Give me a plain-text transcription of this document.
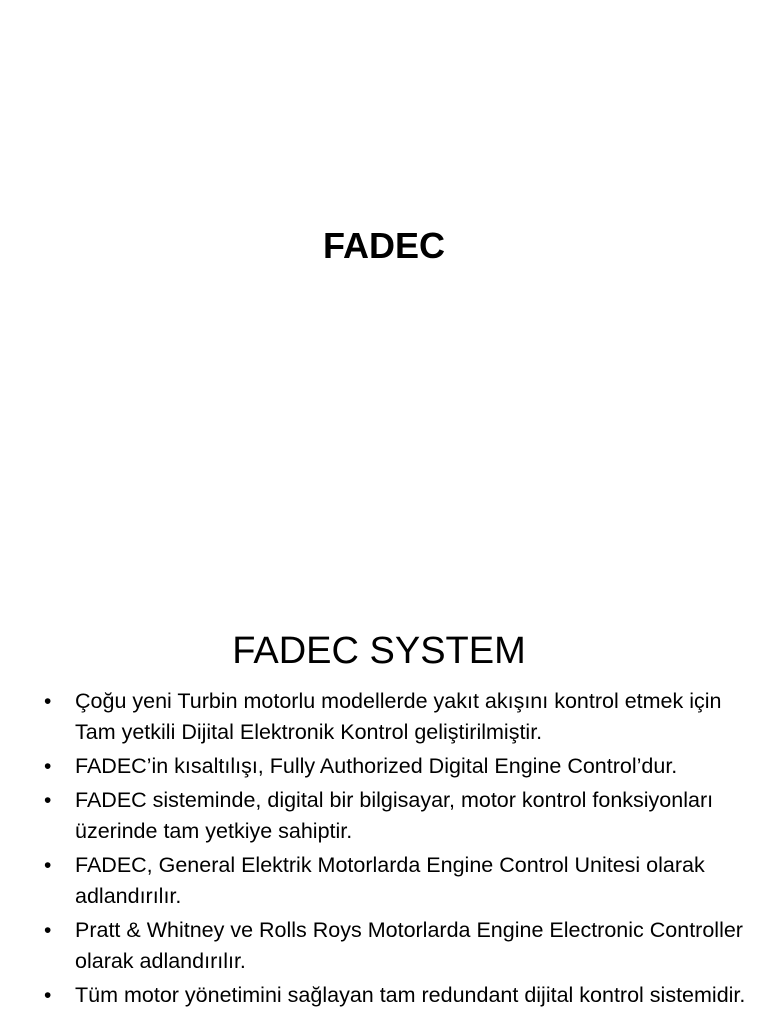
FADEC
FADEC SYSTEM
• Çoğu yeni Turbin motorlu modellerde yakıt akışını kontrol etmek için Tam yetkili Dijital Elektronik Kontrol geliştirilmiştir.
• FADEC’in kısaltılışı, Fully Authorized Digital Engine Control’dur.
• FADEC sisteminde, digital bir bilgisayar, motor kontrol fonksiyonları üzerinde tam yetkiye sahiptir.
• FADEC, General Elektrik Motorlarda Engine Control Unitesi olarak adlandırılır.
• Pratt & Whitney ve Rolls Roys Motorlarda Engine Electronic Controller olarak adlandırılır.
• Tüm motor yönetimini sağlayan tam redundant dijital kontrol sistemidir.
